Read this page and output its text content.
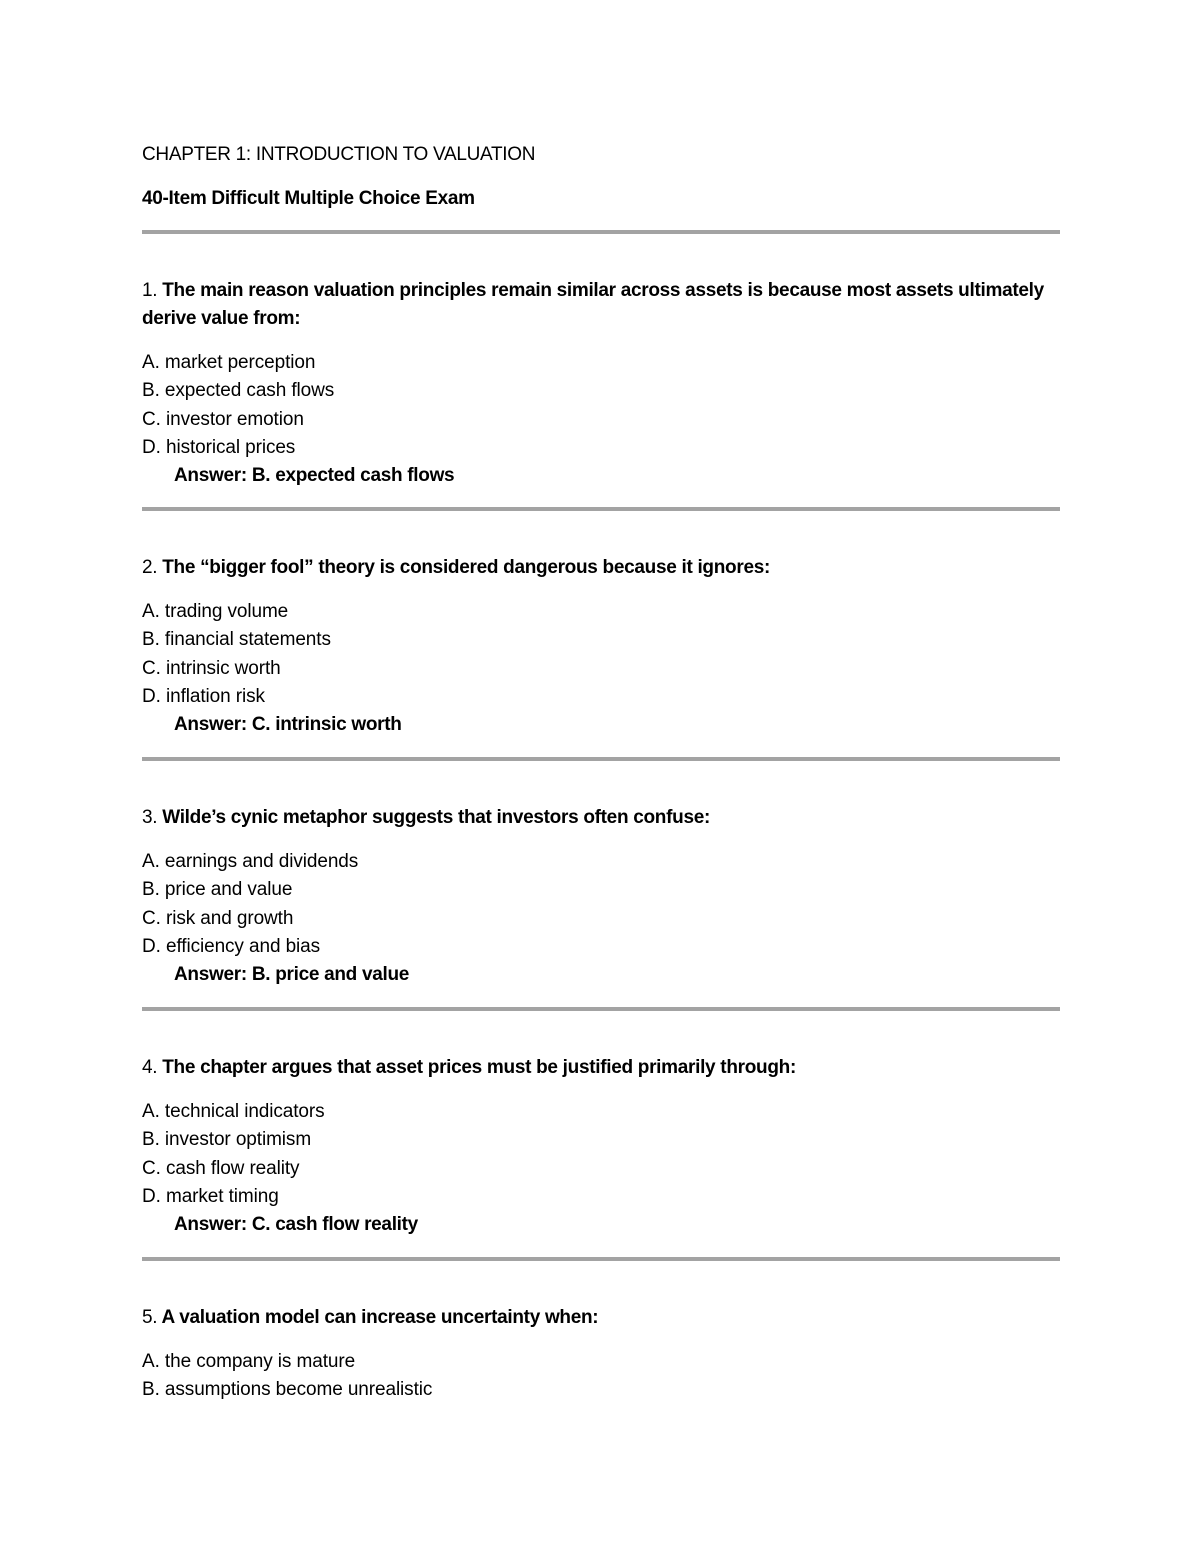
CHAPTER 1: INTRODUCTION TO VALUATION
40-Item Difficult Multiple Choice Exam

1. The main reason valuation principles remain similar across assets is because most assets ultimately derive value from:

A. market perception
B. expected cash flows
C. investor emotion
D. historical prices

Answer: B. expected cash flows

2. The “bigger fool” theory is considered dangerous because it ignores:

A. trading volume
B. financial statements
C. intrinsic worth
D. inflation risk

Answer: C. intrinsic worth

3. Wilde’s cynic metaphor suggests that investors often confuse:

A. earnings and dividends
B. price and value
C. risk and growth
D. efficiency and bias

Answer: B. price and value

4. The chapter argues that asset prices must be justified primarily through:

A. technical indicators
B. investor optimism
C. cash flow reality
D. market timing

Answer: C. cash flow reality

5. A valuation model can increase uncertainty when:

A. the company is mature
B. assumptions become unrealistic
